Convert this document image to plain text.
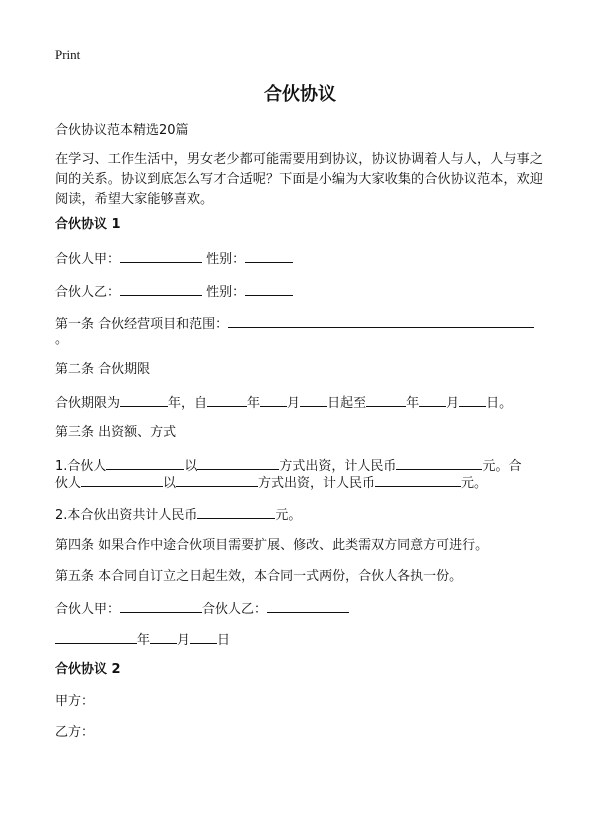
Print
合伙协议
合伙协议范本精选20篇
在学习、工作生活中，男女老少都可能需要用到协议，协议协调着人与人，人与事之间的关系。协议到底怎么写才合适呢？下面是小编为大家收集的合伙协议范本，欢迎阅读，希望大家能够喜欢。
合伙协议 1
合伙人甲：	性别：
合伙人乙：	性别：
第一条 合伙经营项目和范围：
。
第二条 合伙期限
合伙期限为	年，自	年 月 日起至	年 月 日。
第三条 出资额、方式
1.合伙人	以	方式出资，计人民币	元。合
伙人	以	方式出资，计人民币	元。
2.本合伙出资共计人民币	元。
第四条 如果合作中途合伙项目需要扩展、修改、此类需双方同意方可进行。
第五条 本合同自订立之日起生效，本合同一式两份，合伙人各执一份。
合伙人甲：	合伙人乙：
年 月 日
合伙协议 2
甲方：
乙方：
